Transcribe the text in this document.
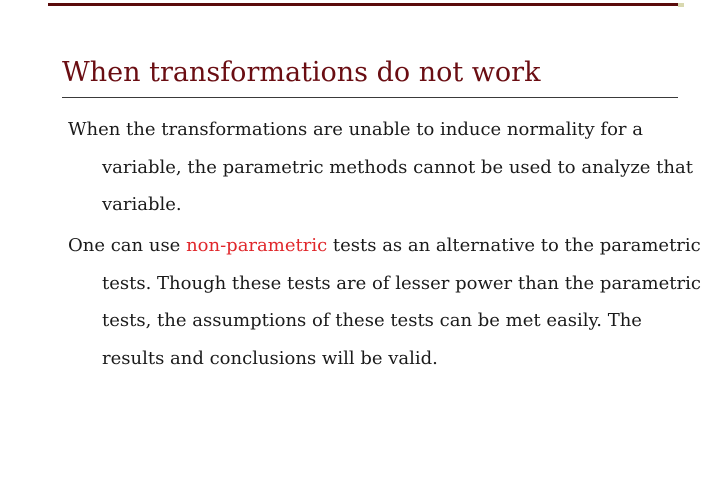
When transformations do not work

When the transformations are unable to induce normality for a variable, the parametric methods cannot be used to analyze that variable.

One can use non-parametric tests as an alternative to the parametric tests. Though these tests are of lesser power than the parametric tests, the assumptions of these tests can be met easily. The results and conclusions will be valid.
